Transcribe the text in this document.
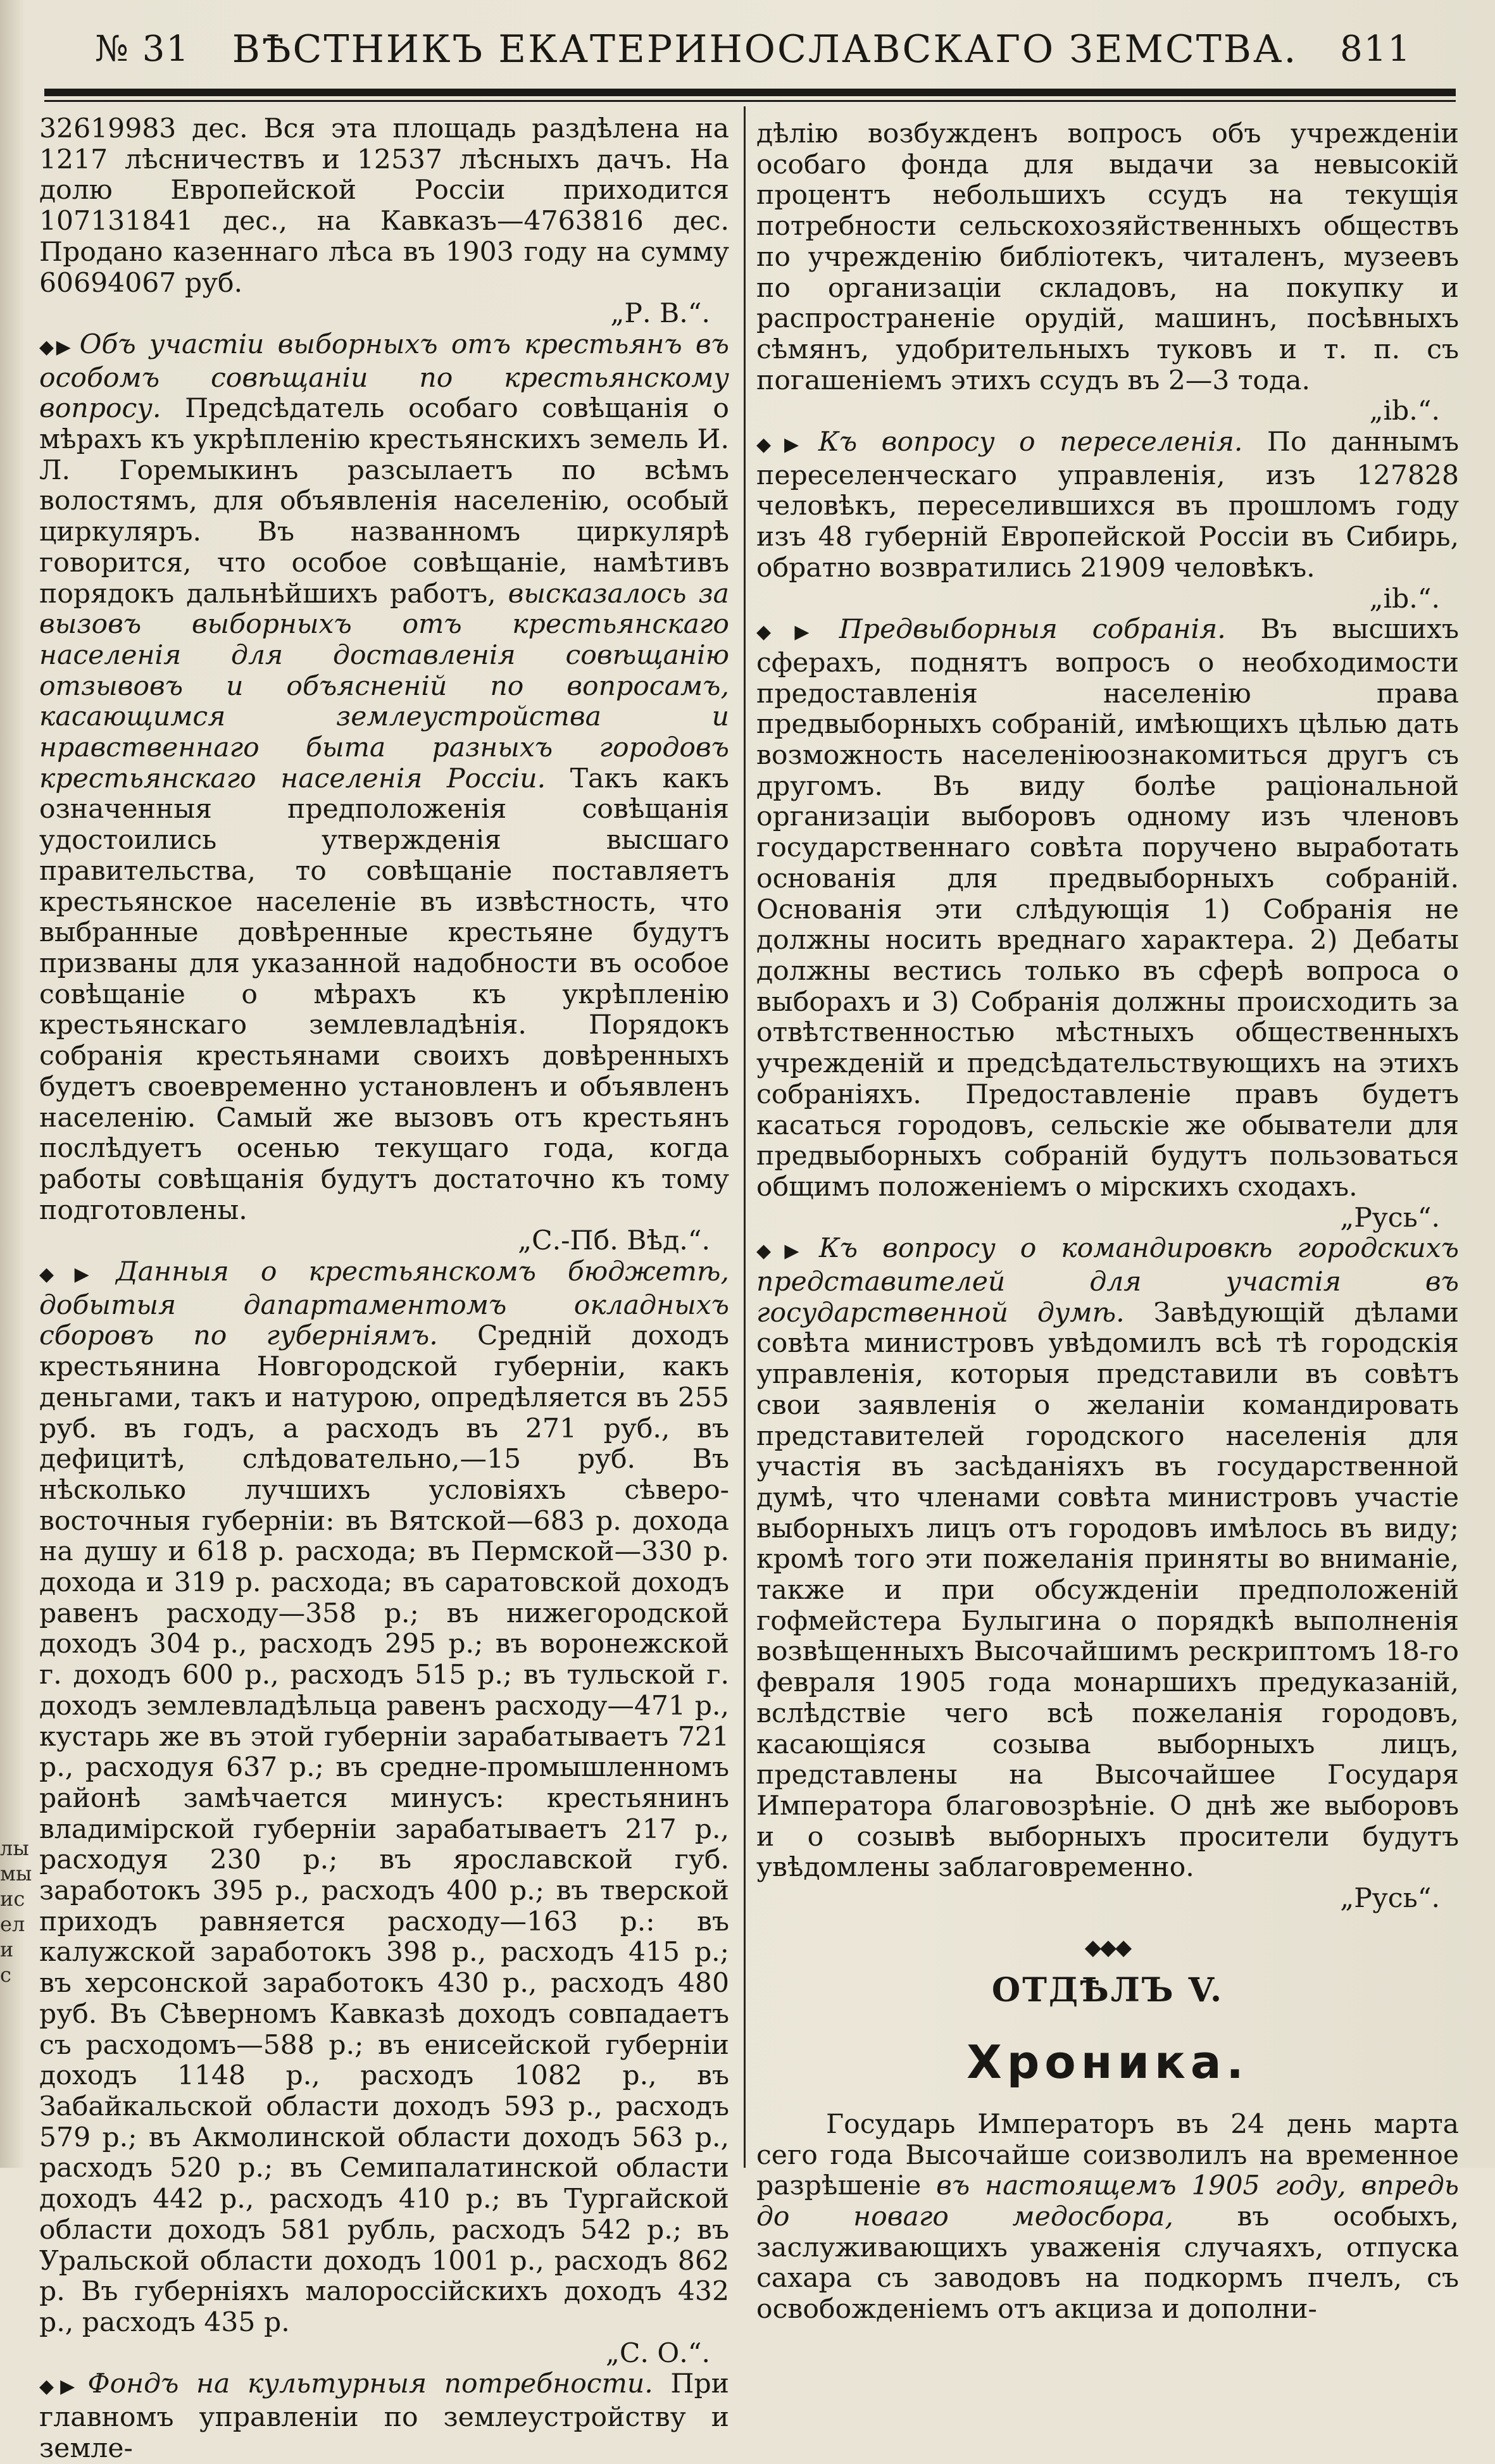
№ 31 ВѢСТНИКЪ ЕКАТЕРИНОСЛАВСКАГО ЗЕМСТВА. 811

32619983 дес. Вся эта площадь раздѣлена на 1217 лѣсничествъ и 12537 лѣсныхъ дачъ. На долю Европейской Россіи приходится 107131841 дес., на Кавказъ—4763816 дес. Продано казеннаго лѣса въ 1903 году на сумму 60694067 руб.

„Р. В.“.

◆▶ Объ участіи выборныхъ отъ крестьянъ въ особомъ совѣщаніи по крестьянскому вопросу. Предсѣдатель особаго совѣщанія о мѣрахъ къ укрѣпленію крестьянскихъ земель И. Л. Горемыкинъ разсылаетъ по всѣмъ волостямъ, для объявленія населенію, особый циркуляръ. Въ названномъ циркулярѣ говорится, что особое совѣщаніе, намѣтивъ порядокъ дальнѣйшихъ работъ, высказалось за вызовъ выборныхъ отъ крестьянскаго населенія для доставленія совѣщанію отзывовъ и объясненій по вопросамъ, касающимся землеустройства и нравственнаго быта разныхъ городовъ крестьянскаго населенія Россіи. Такъ какъ означенныя предположенія совѣщанія удостоились утвержденія высшаго правительства, то совѣщаніе поставляетъ крестьянское населеніе въ извѣстность, что выбранные довѣренные крестьяне будутъ призваны для указанной надобности въ особое совѣщаніе о мѣрахъ къ укрѣпленію крестьянскаго землевладѣнія. Порядокъ собранія крестьянами своихъ довѣренныхъ будетъ своевременно установленъ и объявленъ населенію. Самый же вызовъ отъ крестьянъ послѣдуетъ осенью текущаго года, когда работы совѣщанія будутъ достаточно къ тому подготовлены.

„С.-Пб. Вѣд.“.

◆▶ Данныя о крестьянскомъ бюджетѣ, добытыя дапартаментомъ окладныхъ сборовъ по губерніямъ. Средній доходъ крестьянина Новгородской губерніи, какъ деньгами, такъ и натурою, опредѣляется въ 255 руб. въ годъ, а расходъ въ 271 руб., въ дефицитѣ, слѣдовательно,—15 руб. Въ нѣсколько лучшихъ условіяхъ сѣверо-восточныя губерніи: въ Вятской—683 р. дохода на душу и 618 р. расхода; въ Пермской—330 р. дохода и 319 р. расхода; въ саратовской доходъ равенъ расходу—358 р.; въ нижегородской доходъ 304 р., расходъ 295 р.; въ воронежской г. доходъ 600 р., расходъ 515 р.; въ тульской г. доходъ землевладѣльца равенъ расходу—471 р., кустарь же въ этой губерніи зарабатываетъ 721 р., расходуя 637 р.; въ средне-промышленномъ районѣ замѣчается минусъ: крестьянинъ владимірской губерніи зарабатываетъ 217 р., расходуя 230 р.; въ ярославской губ. заработокъ 395 р., расходъ 400 р.; въ тверской приходъ равняется расходу—163 р.: въ калужской заработокъ 398 р., расходъ 415 р.; въ херсонской заработокъ 430 р., расходъ 480 руб. Въ Сѣверномъ Кавказѣ доходъ совпадаетъ съ расходомъ—588 р.; въ енисейской губерніи доходъ 1148 р., расходъ 1082 р., въ Забайкальской области доходъ 593 р., расходъ 579 р.; въ Акмолинской области доходъ 563 р., расходъ 520 р.; въ Семипалатинской области доходъ 442 р., расходъ 410 р.; въ Тургайской области доходъ 581 рубль, расходъ 542 р.; въ Уральской области доходъ 1001 р., расходъ 862 р. Въ губерніяхъ малороссійскихъ доходъ 432 р., расходъ 435 р.

„С. О.“.

◆▶ Фондъ на культурныя потребности. При главномъ управленіи по землеустройству и земле-

дѣлію возбужденъ вопросъ объ учрежденіи особаго фонда для выдачи за невысокій процентъ небольшихъ ссудъ на текущія потребности сельскохозяйственныхъ обществъ по учрежденію библіотекъ, читаленъ, музеевъ по организаціи складовъ, на покупку и распространеніе орудій, машинъ, посѣвныхъ сѣмянъ, удобрительныхъ туковъ и т. п. съ погашеніемъ этихъ ссудъ въ 2—3 тода.

„ib.“.

◆▶ Къ вопросу о переселенія. По даннымъ переселенческаго управленія, изъ 127828 человѣкъ, переселившихся въ прошломъ году изъ 48 губерній Европейской Россіи въ Сибирь, обратно возвратились 21909 человѣкъ.

„ib.“.

◆▶ Предвыборныя собранія. Въ высшихъ сферахъ, поднятъ вопросъ о необходимости предоставленія населенію права предвыборныхъ собраній, имѣющихъ цѣлью дать возможность населеніюознакомиться другъ съ другомъ. Въ виду болѣе раціональной организаціи выборовъ одному изъ членовъ государственнаго совѣта поручено выработать основанія для предвыборныхъ собраній. Основанія эти слѣдующія 1) Собранія не должны носить вреднаго характера. 2) Дебаты должны вестись только въ сферѣ вопроса о выборахъ и 3) Собранія должны происходить за отвѣтственностью мѣстныхъ общественныхъ учрежденій и предсѣдательствующихъ на этихъ собраніяхъ. Предоставленіе правъ будетъ касаться городовъ, сельскіе же обыватели для предвыборныхъ собраній будутъ пользоваться общимъ положеніемъ о мірскихъ сходахъ.

„Русь“.

◆▶ Къ вопросу о командировкѣ городскихъ представителей для участія въ государственной думѣ. Завѣдующій дѣлами совѣта министровъ увѣдомилъ всѣ тѣ городскія управленія, которыя представили въ совѣтъ свои заявленія о желаніи командировать представителей городского населенія для участія въ засѣданіяхъ въ государственной думѣ, что членами совѣта министровъ участіе выборныхъ лицъ отъ городовъ имѣлось въ виду; кромѣ того эти пожеланія приняты во вниманіе, также и при обсужденіи предположеній гофмейстера Булыгина о порядкѣ выполненія возвѣщенныхъ Высочайшимъ рескриптомъ 18-го февраля 1905 года монаршихъ предуказаній, вслѣдствіе чего всѣ пожеланія городовъ, касающіяся созыва выборныхъ лицъ, представлены на Высочайшее Государя Императора благовозрѣніе. О днѣ же выборовъ и о созывѣ выборныхъ просители будутъ увѣдомлены заблаговременно.

„Русь“.

◆◆◆
ОТДѢЛЪ V.
Хроника.

Государь Императоръ въ 24 день марта сего года Высочайше соизволилъ на временное разрѣшеніе въ настоящемъ 1905 году, впредь до новаго медосбора, въ особыхъ, заслуживающихъ уваженія случаяхъ, отпуска сахара съ заводовъ на подкормъ пчелъ, съ освобожденіемъ отъ акциза и дополни-

лы мы ис ел и с
